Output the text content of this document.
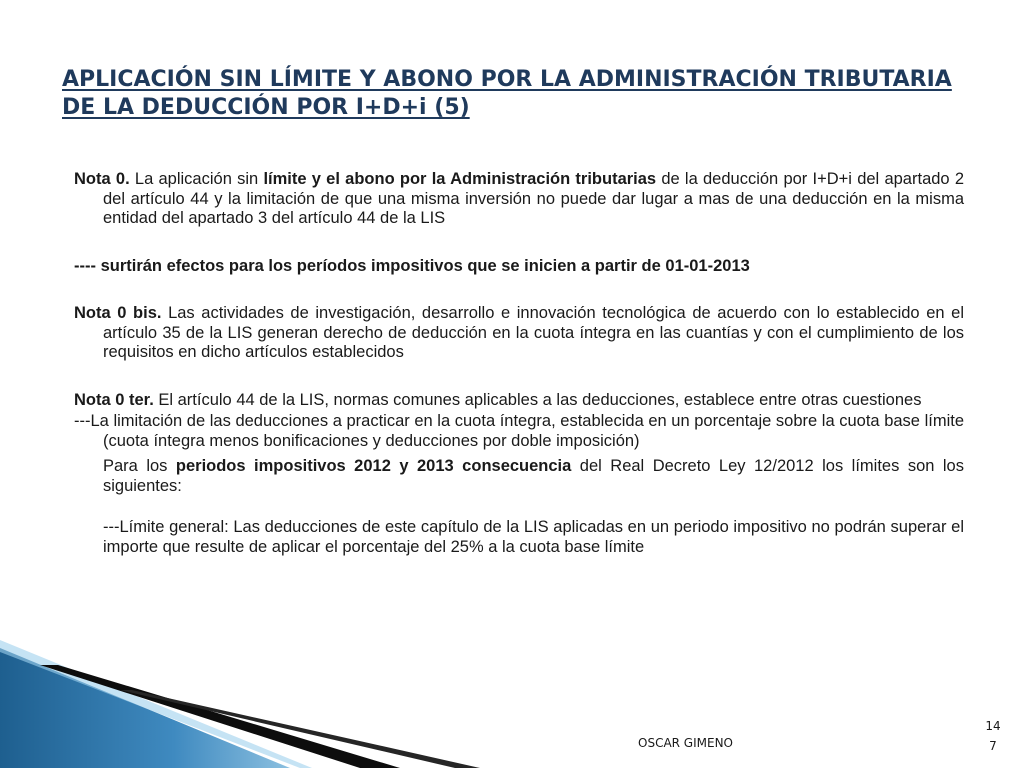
APLICACIÓN SIN LÍMITE Y ABONO POR LA ADMINISTRACIÓN TRIBUTARIA DE LA DEDUCCIÓN POR I+D+i (5)

Nota 0. La aplicación sin límite y el abono por la Administración tributarias de la deducción por I+D+i del apartado 2 del artículo 44 y la limitación de que una misma inversión no puede dar lugar a mas de una deducción en la misma entidad del apartado 3 del artículo 44 de la LIS

---- surtirán efectos para los períodos impositivos que se inicien a partir de 01-01-2013

Nota 0 bis. Las actividades de investigación, desarrollo e innovación tecnológica de acuerdo con lo establecido en el artículo 35 de la LIS generan derecho de deducción en la cuota íntegra en las cuantías y con el cumplimiento de los requisitos en dicho artículos establecidos

Nota 0 ter. El artículo 44 de la LIS, normas comunes aplicables a las deducciones, establece entre otras cuestiones

---La limitación de las deducciones a practicar en la cuota íntegra, establecida en un porcentaje sobre la cuota base límite (cuota íntegra menos bonificaciones y deducciones por doble imposición)

Para los periodos impositivos 2012 y 2013 consecuencia del Real Decreto Ley 12/2012 los límites son los siguientes:

---Límite general: Las deducciones de este capítulo de la LIS aplicadas en un periodo impositivo no podrán superar el importe que resulte de aplicar el porcentaje del 25% a la cuota base límite

OSCAR GIMENO
14
7
